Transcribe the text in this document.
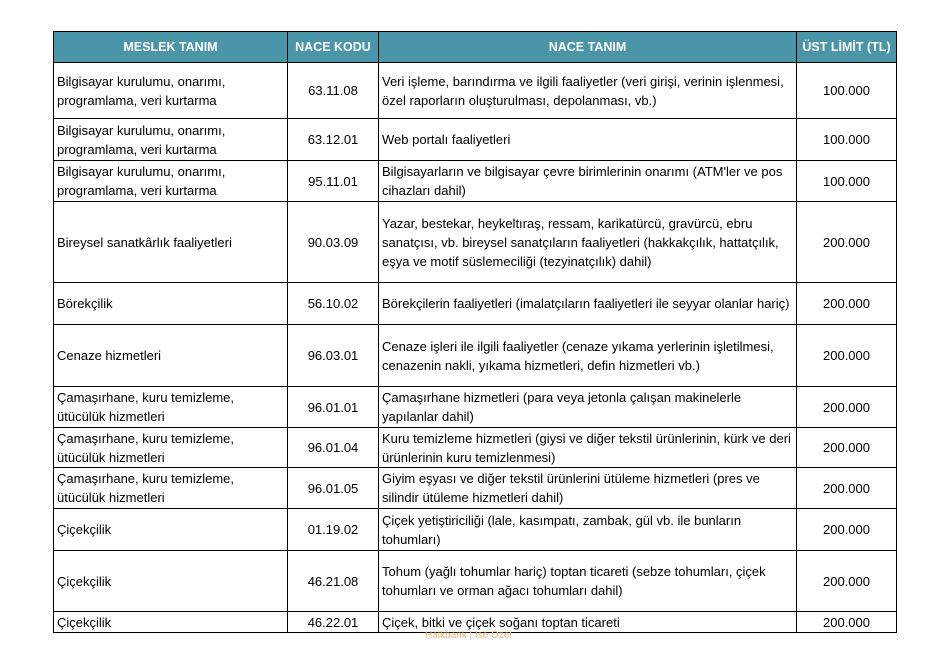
MESLEK TANIM	NACE KODU	NACE TANIM	ÜST LİMİT (TL)
Bilgisayar kurulumu, onarımı, programlama, veri kurtarma	63.11.08	Veri işleme, barındırma ve ilgili faaliyetler (veri girişi, verinin işlenmesi, özel raporların oluşturulması, depolanması, vb.)	100.000
Bilgisayar kurulumu, onarımı, programlama, veri kurtarma	63.12.01	Web portalı faaliyetleri	100.000
Bilgisayar kurulumu, onarımı, programlama, veri kurtarma	95.11.01	Bilgisayarların ve bilgisayar çevre birimlerinin onarımı (ATM'ler ve pos cihazları dahil)	100.000
Bireysel sanatkârlık faaliyetleri	90.03.09	Yazar, bestekar, heykeltıraş, ressam, karikatürcü, gravürcü, ebru sanatçısı, vb. bireysel sanatçıların faaliyetleri (hakkakçılık, hattatçılık, eşya ve motif süslemeciliği (tezyinatçılık) dahil)	200.000
Börekçilik	56.10.02	Börekçilerin faaliyetleri (imalatçıların faaliyetleri ile seyyar olanlar hariç)	200.000
Cenaze hizmetleri	96.03.01	Cenaze işleri ile ilgili faaliyetler (cenaze yıkama yerlerinin işletilmesi, cenazenin nakli, yıkama hizmetleri, defin hizmetleri vb.)	200.000
Çamaşırhane, kuru temizleme, ütücülük hizmetleri	96.01.01	Çamaşırhane hizmetleri (para veya jetonla çalışan makinelerle yapılanlar dahil)	200.000
Çamaşırhane, kuru temizleme, ütücülük hizmetleri	96.01.04	Kuru temizleme hizmetleri (giysi ve diğer tekstil ürünlerinin, kürk ve deri ürünlerinin kuru temizlenmesi)	200.000
Çamaşırhane, kuru temizleme, ütücülük hizmetleri	96.01.05	Giyim eşyası ve diğer tekstil ürünlerini ütüleme hizmetleri (pres ve silindir ütüleme hizmetleri dahil)	200.000
Çiçekçilik	01.19.02	Çiçek yetiştiriciliği (lale, kasımpatı, zambak, gül vb. ile bunların tohumları)	200.000
Çiçekçilik	46.21.08	Tohum (yağlı tohumlar hariç) toptan ticareti (sebze tohumları, çiçek tohumları ve orman ağacı tohumları dahil)	200.000
Çiçekçilik	46.22.01	Çiçek, bitki ve çiçek soğanı toptan ticareti	200.000
Halkbank | Ise Özel
